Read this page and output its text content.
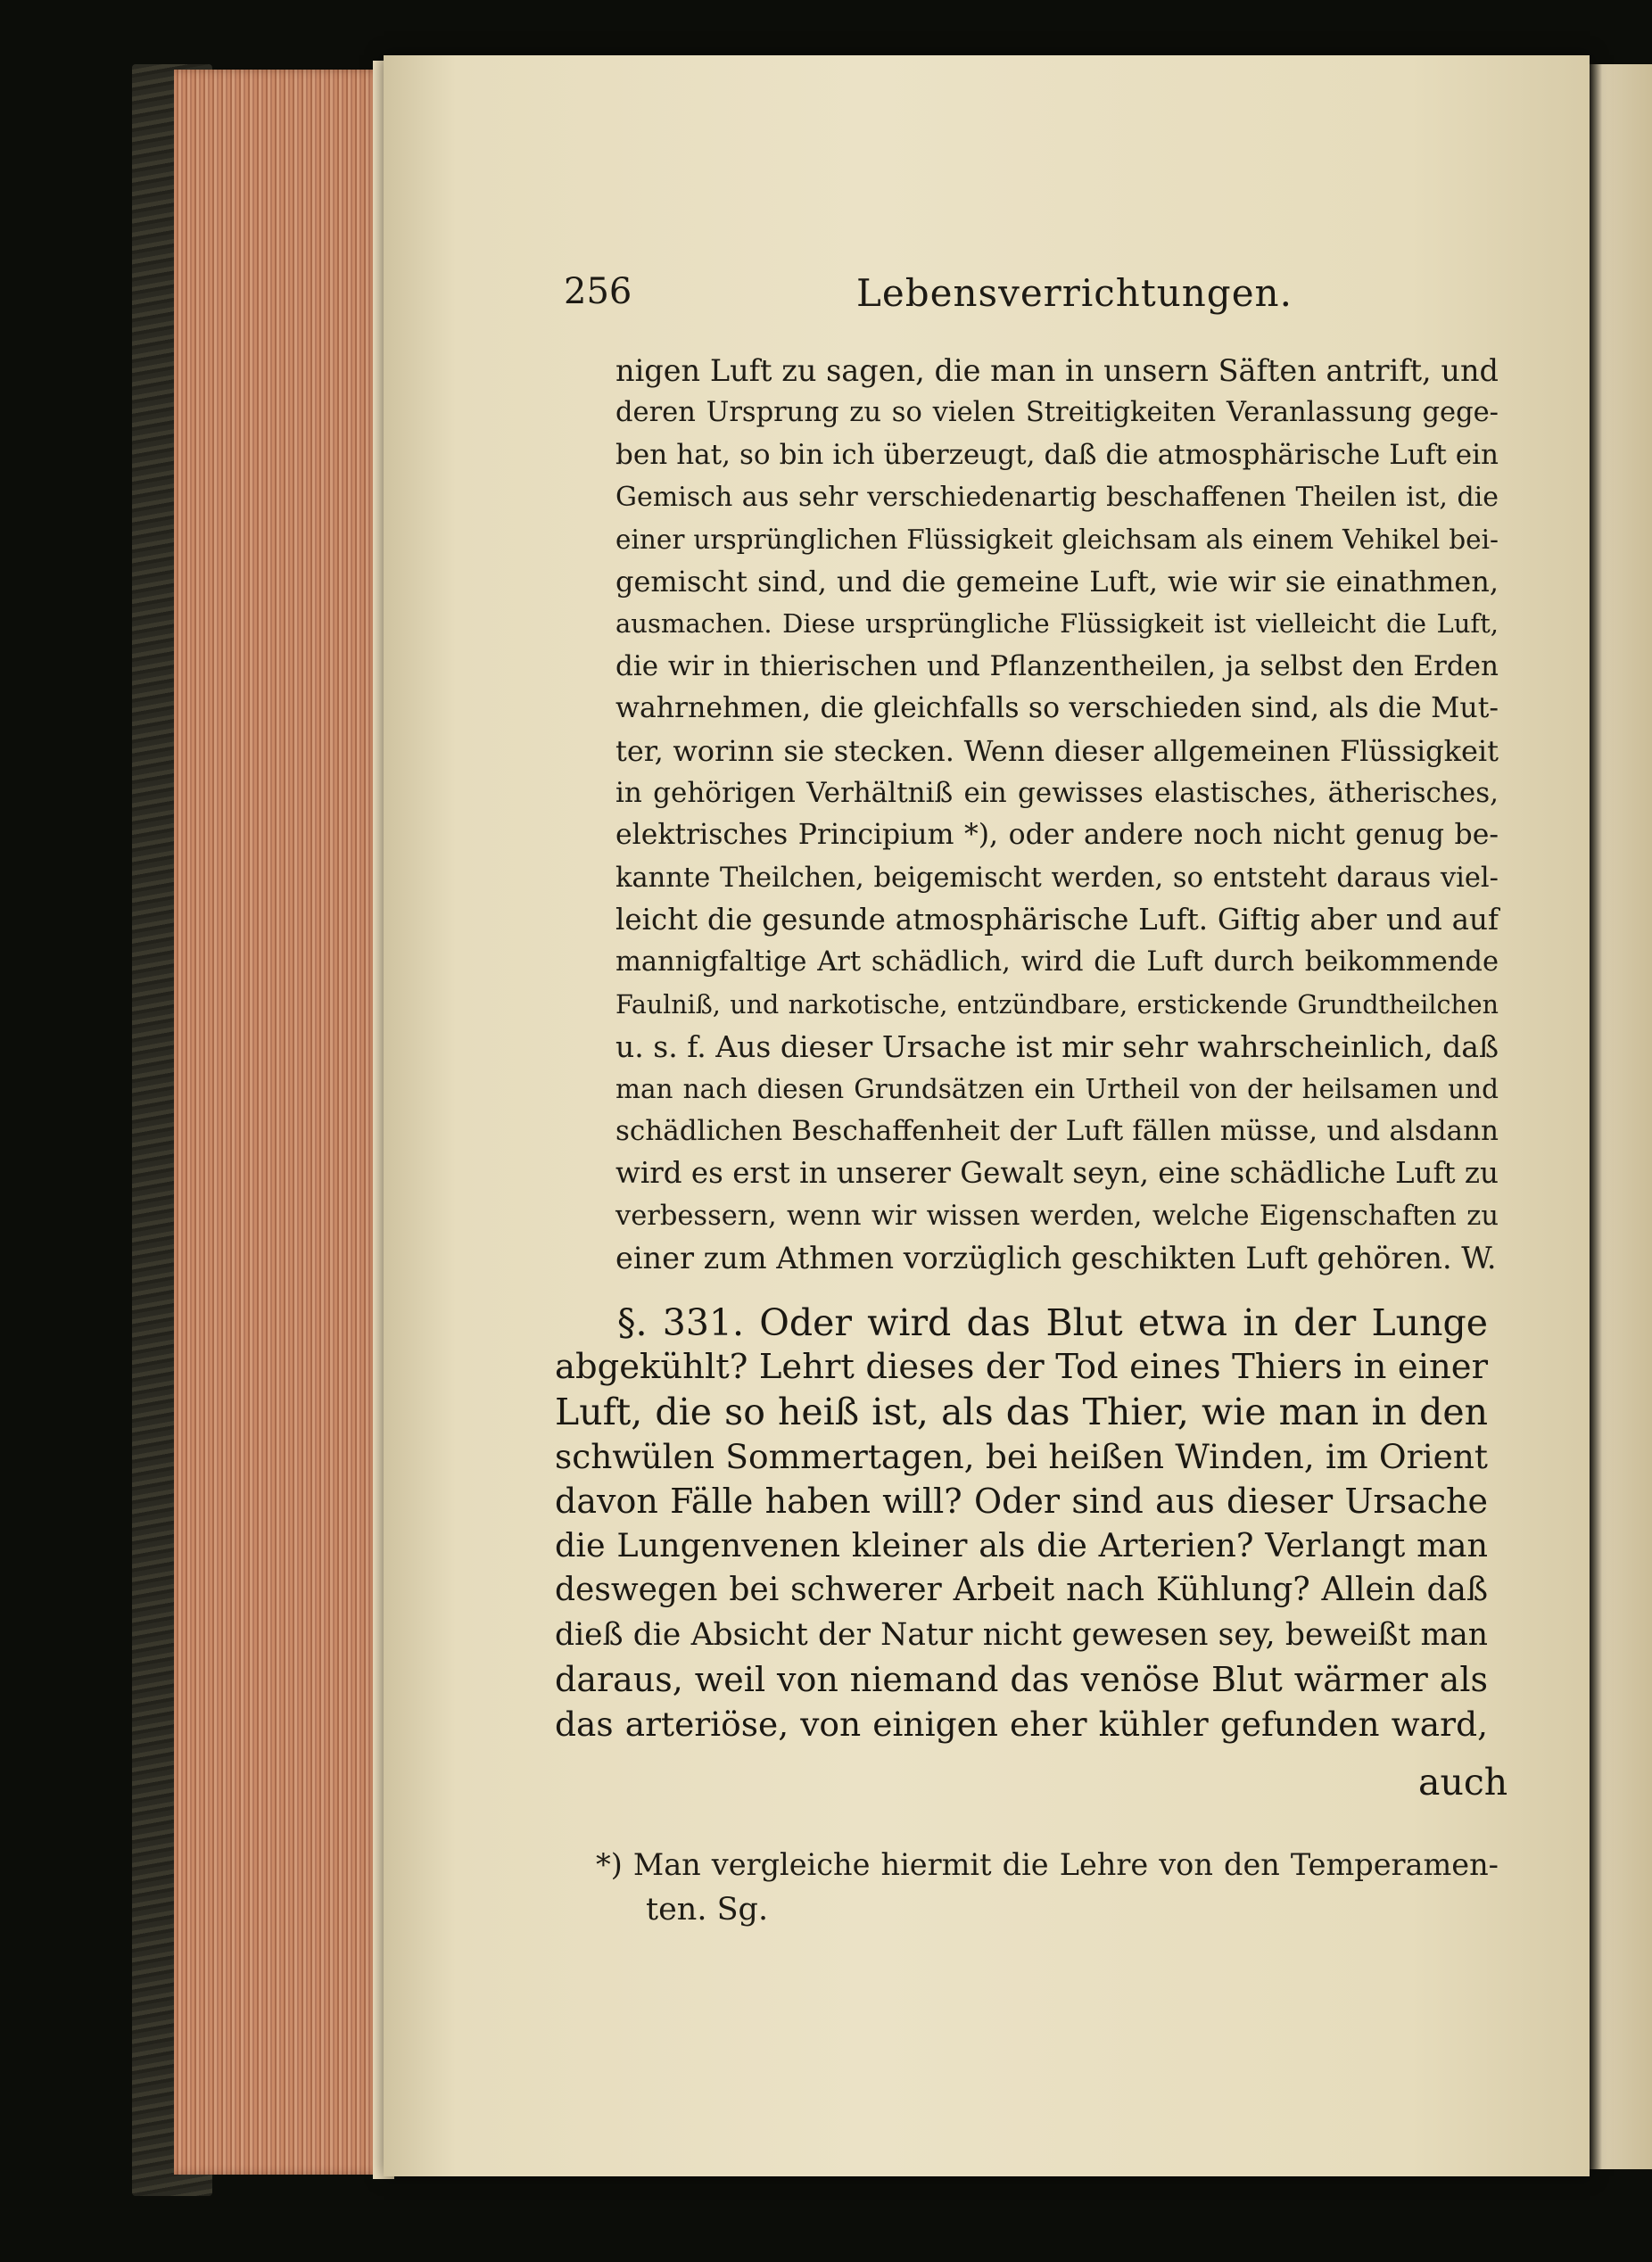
256	Lebensverrichtungen.
nigen Luft zu sagen, die man in unsern Säften antrift, und
deren Ursprung zu so vielen Streitigkeiten Veranlassung gege-
ben hat, so bin ich überzeugt, daß die atmosphärische Luft ein
Gemisch aus sehr verschiedenartig beschaffenen Theilen ist, die
einer ursprünglichen Flüssigkeit gleichsam als einem Vehikel bei-
gemischt sind, und die gemeine Luft, wie wir sie einathmen,
ausmachen. Diese ursprüngliche Flüssigkeit ist vielleicht die Luft,
die wir in thierischen und Pflanzentheilen, ja selbst den Erden
wahrnehmen, die gleichfalls so verschieden sind, als die Mut-
ter, worinn sie stecken. Wenn dieser allgemeinen Flüssigkeit
in gehörigen Verhältniß ein gewisses elastisches, ätherisches,
elektrisches Principium *), oder andere noch nicht genug be-
kannte Theilchen, beigemischt werden, so entsteht daraus viel-
leicht die gesunde atmosphärische Luft. Giftig aber und auf
mannigfaltige Art schädlich, wird die Luft durch beikommende
Faulniß, und narkotische, entzündbare, erstickende Grundtheilchen
u. s. f. Aus dieser Ursache ist mir sehr wahrscheinlich, daß
man nach diesen Grundsätzen ein Urtheil von der heilsamen und
schädlichen Beschaffenheit der Luft fällen müsse, und alsdann
wird es erst in unserer Gewalt seyn, eine schädliche Luft zu
verbessern, wenn wir wissen werden, welche Eigenschaften zu
einer zum Athmen vorzüglich geschikten Luft gehören. W.
§. 331. Oder wird das Blut etwa in der Lunge
abgekühlt? Lehrt dieses der Tod eines Thiers in einer
Luft, die so heiß ist, als das Thier, wie man in den
schwülen Sommertagen, bei heißen Winden, im Orient
davon Fälle haben will? Oder sind aus dieser Ursache
die Lungenvenen kleiner als die Arterien? Verlangt man
deswegen bei schwerer Arbeit nach Kühlung? Allein daß
dieß die Absicht der Natur nicht gewesen sey, beweißt man
daraus, weil von niemand das venöse Blut wärmer als
das arteriöse, von einigen eher kühler gefunden ward,
auch
*) Man vergleiche hiermit die Lehre von den Temperamen-
ten. Sg.
